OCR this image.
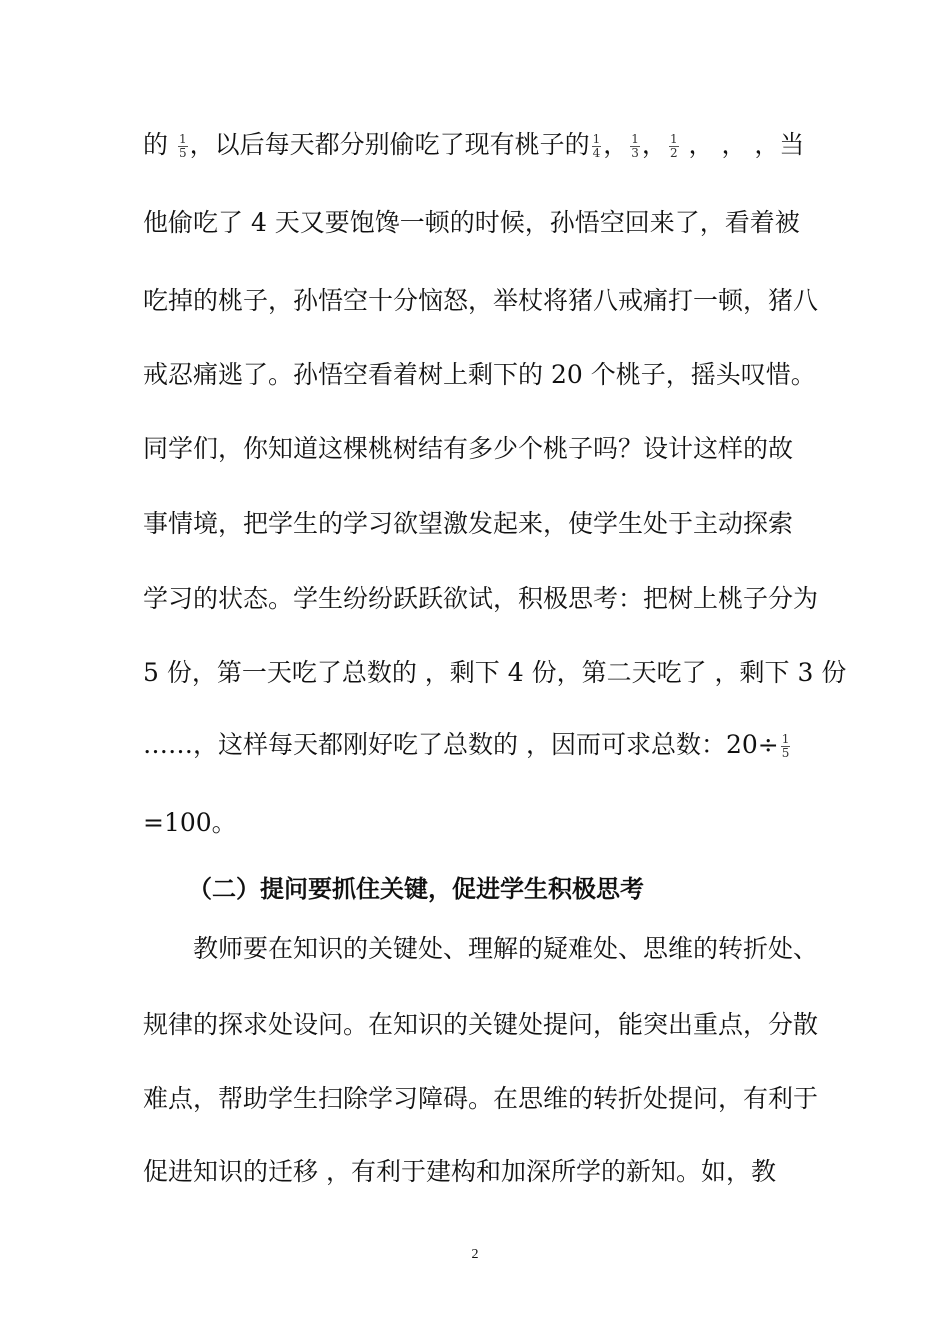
的 $\frac{1}{5}$ ，以后每天都分别偷吃了现有桃子的 $\frac{1}{4}$ ， $\frac{1}{3}$ ， $\frac{1}{2}$ ， ， ，当
他偷吃了 4 天又要饱馋一顿的时候，孙悟空回来了，看着被
吃掉的桃子，孙悟空十分恼怒，举杖将猪八戒痛打一顿，猪八
戒忍痛逃了。孙悟空看着树上剩下的 20 个桃子，摇头叹惜。
同学们，你知道这棵桃树结有多少个桃子吗？设计这样的故
事情境，把学生的学习欲望激发起来，使学生处于主动探索
学习的状态。学生纷纷跃跃欲试，积极思考：把树上桃子分为
5 份，第一天吃了总数的 ，剩下 4 份，第二天吃了 ，剩下 3 份
……，这样每天都刚好吃了总数的 ，因而可求总数：$20\div \frac{1}{5}$
=100。
（二）提问要抓住关键，促进学生积极思考
教师要在知识的关键处、理解的疑难处、思维的转折处、
规律的探求处设问。在知识的关键处提问，能突出重点，分散
难点，帮助学生扫除学习障碍。在思维的转折处提问，有利于
促进知识的迁移 ，有利于建构和加深所学的新知。如，教
2
